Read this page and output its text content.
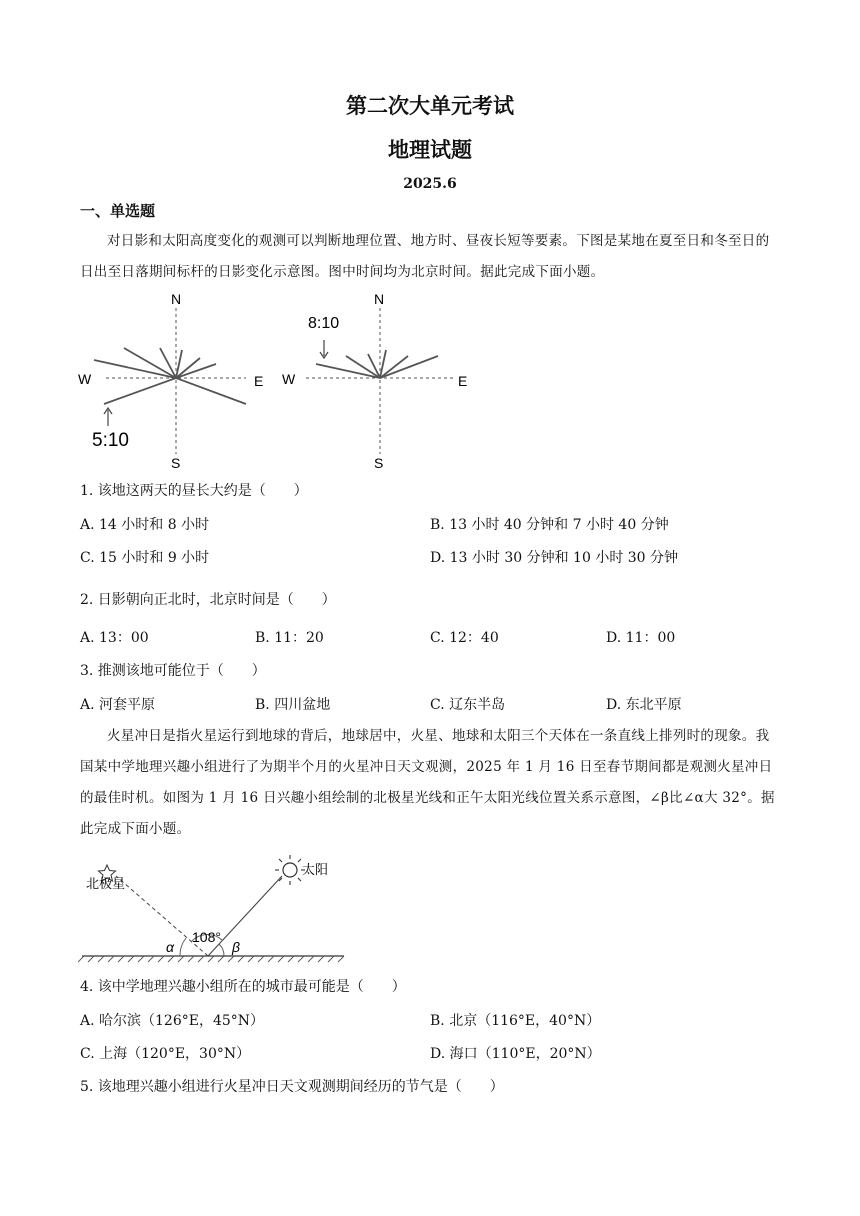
第二次大单元考试
地理试题
2025.6
一、单选题
对日影和太阳高度变化的观测可以判断地理位置、地方时、昼夜长短等要素。下图是某地在夏至日和冬至日的日出至日落期间标杆的日影变化示意图。图中时间均为北京时间。据此完成下面小题。
N
S
W	E
5:10
N
S
W	E
8:10
1. 该地这两天的昼长大约是（　　）
A. 14 小时和 8 小时	B. 13 小时 40 分钟和 7 小时 40 分钟
C. 15 小时和 9 小时	D. 13 小时 30 分钟和 10 小时 30 分钟
2. 日影朝向正北时，北京时间是（　　）
A. 13：00	B. 11：20	C. 12：40	D. 11：00
3. 推测该地可能位于（　　）
A. 河套平原	B. 四川盆地	C. 辽东半岛	D. 东北平原
火星冲日是指火星运行到地球的背后，地球居中，火星、地球和太阳三个天体在一条直线上排列时的现象。我国某中学地理兴趣小组进行了为期半个月的火星冲日天文观测，2025 年 1 月 16 日至春节期间都是观测火星冲日的最佳时机。如图为 1 月 16 日兴趣小组绘制的北极星光线和正午太阳光线位置关系示意图，∠β比∠α大 32°。据此完成下面小题。
北极星
太阳
108°
α	β
4. 该中学地理兴趣小组所在的城市最可能是（　　）
A. 哈尔滨（126°E，45°N）	B. 北京（116°E，40°N）
C. 上海（120°E，30°N）	D. 海口（110°E，20°N）
5. 该地理兴趣小组进行火星冲日天文观测期间经历的节气是（　　）
